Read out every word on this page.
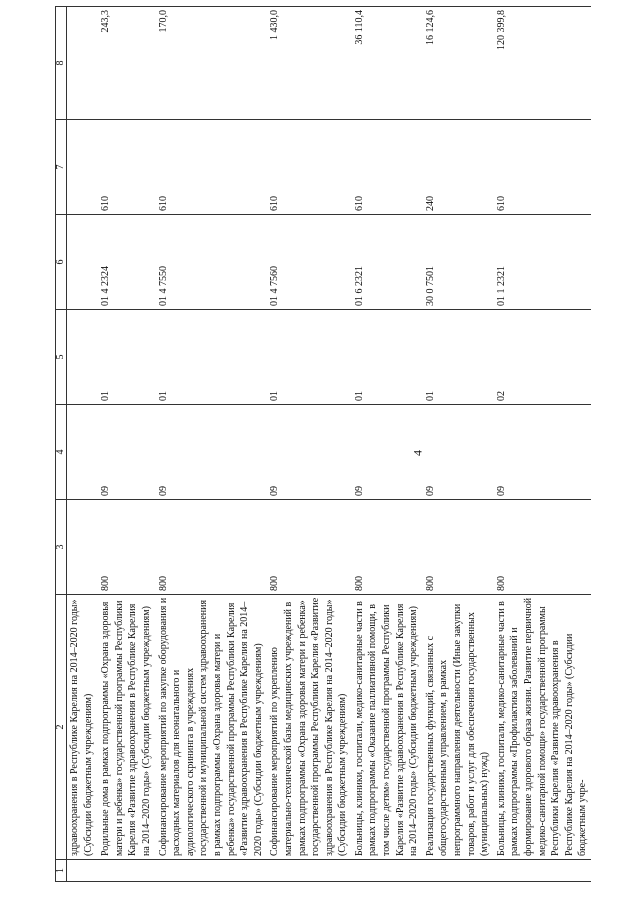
4
1	2	3	4	5	6	7	8
	здравоохранения в Республике Карелия на 2014–2020 годы» (Субсидии бюджетным учреждениям)						
	Родильные дома в рамках подпрограммы «Охрана здоровья матери и ребенка» государственной программы Республики Карелия «Развитие здравоохранения в Республике Карелия на 2014–2020 годы» (Субсидии бюджетным учреждениям)	800	09	01	01 4 2324	610	243,3
	Софинансирование мероприятий по закупке оборудования и расходных материалов для неонатального и аудиологического скрининга в учреждениях государственной и муниципальной систем здравоохранения в рамках подпрограммы «Охрана здоровья матери и ребенка» государственной программы Республики Карелия «Развитие здравоохранения в Республике Карелия на 2014–2020 годы» (Субсидии бюджетным учреждениям)	800	09	01	01 4 7550	610	170,0
	Софинансирование мероприятий по укреплению материально-технической базы медицинских учреждений в рамках подпрограммы «Охрана здоровья матери и ребенка» государственной программы Республики Карелия «Развитие здравоохранения в Республике Карелия на 2014–2020 годы» (Субсидии бюджетным учреждениям)	800	09	01	01 4 7560	610	1 430,0
	Больницы, клиники, госпитали, медико-санитарные части в рамках подпрограммы «Оказание паллиативной помощи, в том числе детям» государственной программы Республики Карелия «Развитие здравоохранения в Республике Карелия на 2014–2020 годы» (Субсидии бюджетным учреждениям)	800	09	01	01 6 2321	610	36 110,4
	Реализация государственных функций, связанных с общегосударственным управлением, в рамках непрограммного направления деятельности (Иные закупки товаров, работ и услуг для обеспечения государственных (муниципальных) нужд)	800	09	01	30 0 7501	240	16 124,6
	Больницы, клиники, госпитали, медико-санитарные части в рамках подпрограммы «Профилактика заболеваний и формирование здорового образа жизни. Развитие первичной медико-санитарной помощи» государственной программы Республики Карелия «Развитие здравоохранения в Республике Карелия на 2014–2020 годы» (Субсидии бюджетным учре-	800	09	02	01 1 2321	610	120 399,8
